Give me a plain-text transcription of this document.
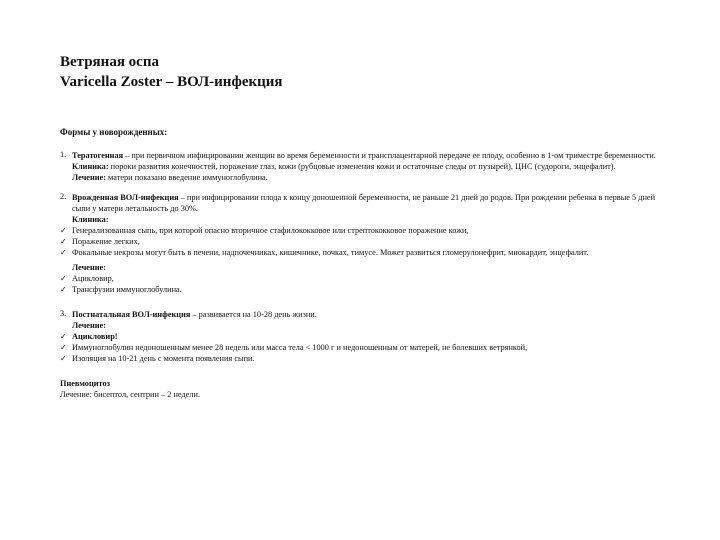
Ветряная оспа
Varicella Zoster – ВОЛ-инфекция
Формы у новорожденных:
1. Тератогенная – при первичном инфицировании женщин во время беременности и трансплацентарной передаче ее плоду, особенно в 1-ом триместре беременности.
Клиника: пороки развития конечностей, поражение глаз, кожи (рубцовые изменения кожи и остаточные следы от пузырей), ЦНС (судороги, энцефалит).
Лечение: матери показано введение иммуноглобулина.
2. Врожденная ВОЛ-инфекция – при инфицировании плода к концу доношенной беременности, не раньше 21 дней до родов. При рождении ребенка в первые 5 дней сыпи у матери летальность до 30%.
Клиника:
✓ Генерализованная сыпь, при которой опасно вторичное стафилококковое или стрептококковое поражение кожи,
✓ Поражение легких,
✓ Фокальные некрозы могут быть в печени, надпочечниках, кишечнике, почках, тимусе. Может развиться гломерулонефрит, миокардит, энцефалит.
Лечение:
✓ Ацикловир,
✓ Трансфузии иммуноглобулина.
3. Постнатальная ВОЛ-инфекция – развивается на 10-28 день жизни.
Лечение:
✓ Ацикловир!
✓ Иммуноглобулин недоношенным менее 28 недель или масса тела < 1000 г и недоношенным от матерей, не болевших ветрянкой,
✓ Изоляция на 10-21 день с момента появления сыпи.
Пневмоцитоз
Лечение: бисептол, сентрин – 2 недели.
